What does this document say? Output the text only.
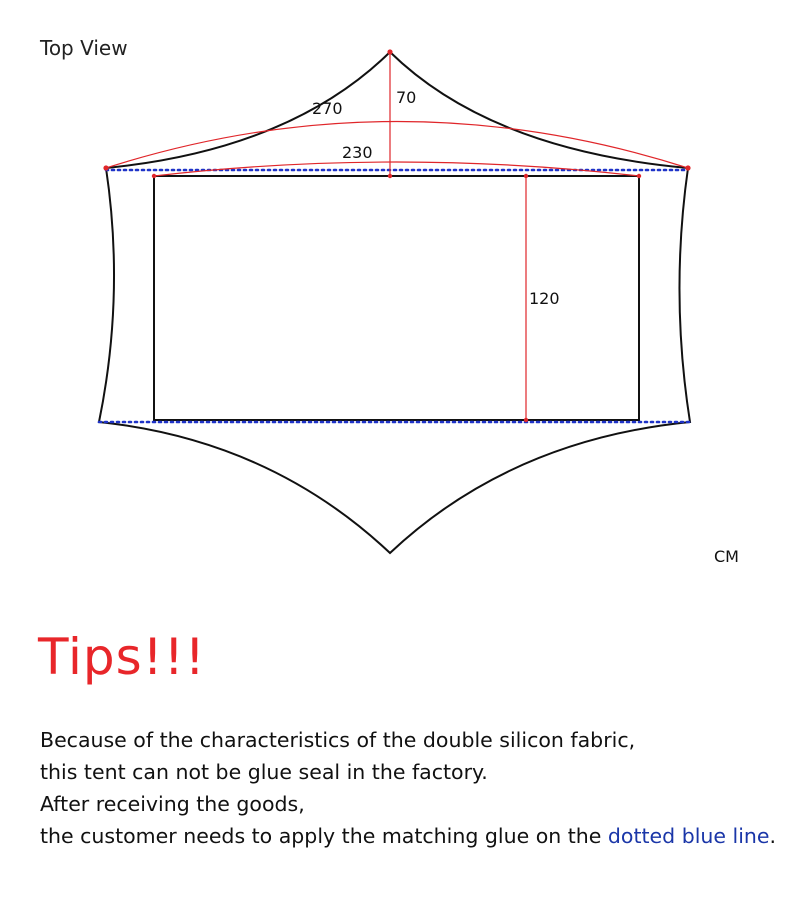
Top View
270
70
230
120
CM
Tips!!!

Because of the characteristics of the double silicon fabric,

this tent can not be glue seal in the factory.

After receiving the goods,

the customer needs to apply the matching glue on the dotted blue line.
